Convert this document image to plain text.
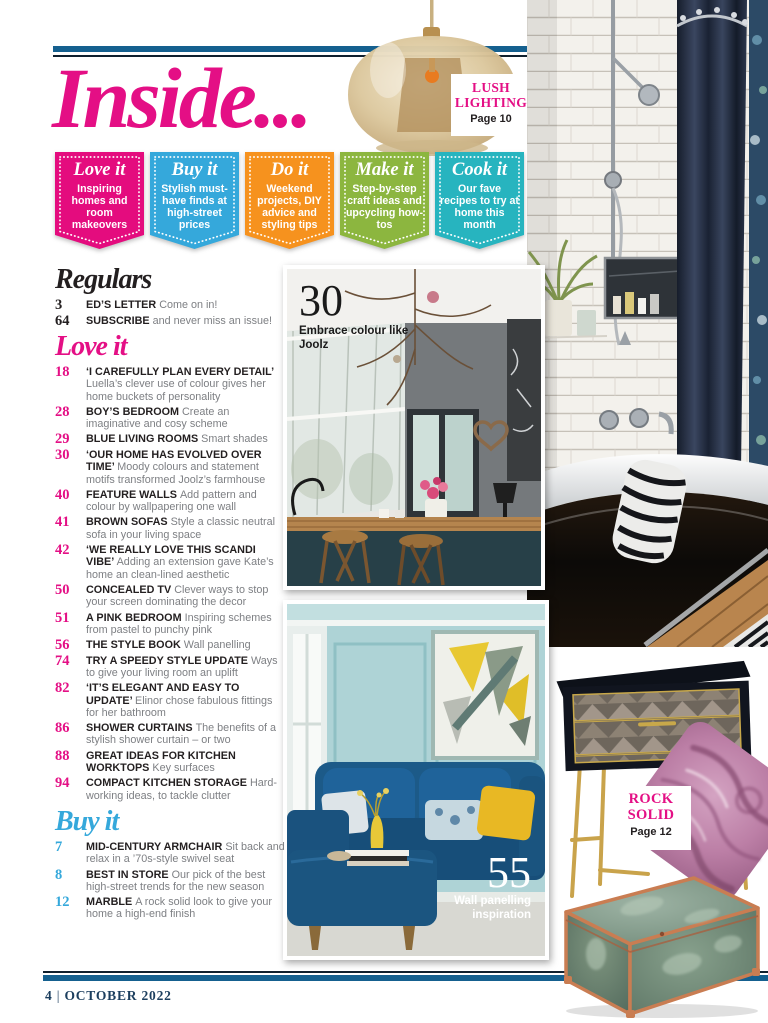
Inside...	LUSH
LIGHTING
Page 10
Love it
Inspiring homes and room makeovers
Buy it
Stylish must-have finds at high-street prices
Do it
Weekend projects, DIY advice and styling tips
Make it
Step-by-step craft ideas and upcycling how-tos
Cook it
Our fave recipes to try at home this month
30
Embrace colour like Joolz
55
Wall panelling inspiration
ROCK
SOLID
Page 12
Regulars
3	ED’S LETTER Come on in!
64	SUBSCRIBE and never miss an issue!
Love it
18	‘I CAREFULLY PLAN EVERY DETAIL’ Luella’s clever use of colour gives her home buckets of personality
28	BOY’S BEDROOM Create an imaginative and cosy scheme
29	BLUE LIVING ROOMS Smart shades
30	‘OUR HOME HAS EVOLVED OVER TIME’ Moody colours and statement motifs transformed Joolz’s farmhouse
40	FEATURE WALLS Add pattern and colour by wallpapering one wall
41	BROWN SOFAS Style a classic neutral sofa in your living space
42	‘WE REALLY LOVE THIS SCANDI VIBE’ Adding an extension gave Kate’s home an clean-lined aesthetic
50	CONCEALED TV Clever ways to stop your screen dominating the decor
51	A PINK BEDROOM Inspiring schemes from pastel to punchy pink
56	THE STYLE BOOK Wall panelling
74	TRY A SPEEDY STYLE UPDATE Ways to give your living room an uplift
82	‘IT’S ELEGANT AND EASY TO UPDATE’ Elinor chose fabulous fittings for her bathroom
86	SHOWER CURTAINS The benefits of a stylish shower curtain – or two
88	GREAT IDEAS FOR KITCHEN WORKTOPS Key surfaces
94	COMPACT KITCHEN STORAGE Hard-working ideas, to tackle clutter
Buy it
7	MID-CENTURY ARMCHAIR Sit back and relax in a ’70s-style swivel seat
8	BEST IN STORE Our pick of the best high-street trends for the new season
12	MARBLE A rock solid look to give your home a high-end finish
4 | OCTOBER 2022
